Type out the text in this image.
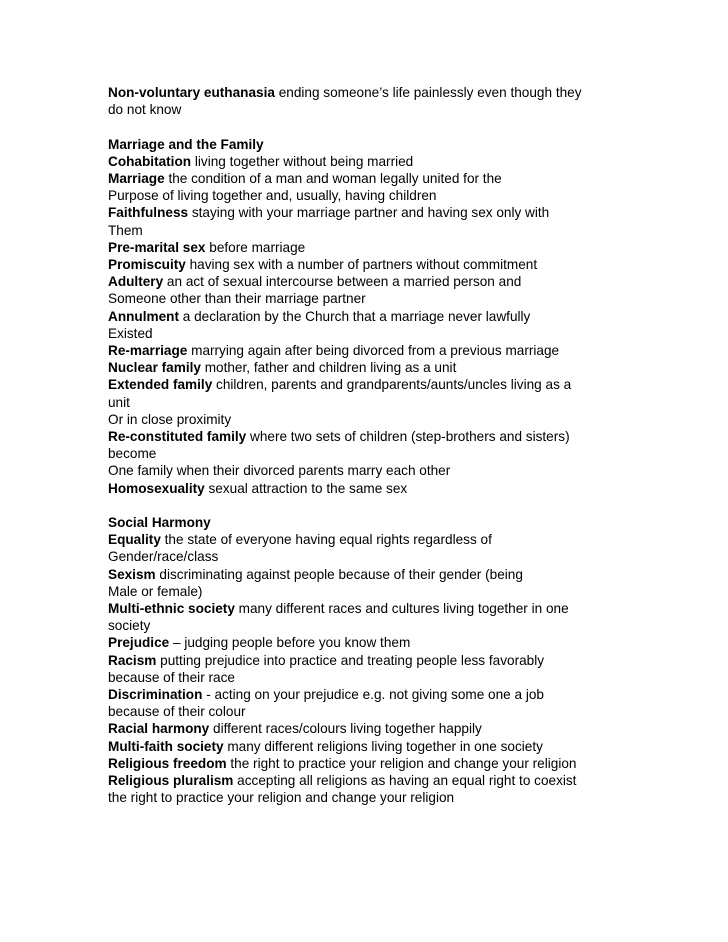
Non-voluntary euthanasia ending someone’s life painlessly even though they
do not know
Marriage and the Family
Cohabitation living together without being married
Marriage the condition of a man and woman legally united for the
Purpose of living together and, usually, having children
Faithfulness staying with your marriage partner and having sex only with
Them
Pre-marital sex before marriage
Promiscuity having sex with a number of partners without commitment
Adultery an act of sexual intercourse between a married person and
Someone other than their marriage partner
Annulment a declaration by the Church that a marriage never lawfully
Existed
Re-marriage marrying again after being divorced from a previous marriage
Nuclear family mother, father and children living as a unit
Extended family children, parents and grandparents/aunts/uncles living as a
unit
Or in close proximity
Re-constituted family where two sets of children (step-brothers and sisters)
become
One family when their divorced parents marry each other
Homosexuality sexual attraction to the same sex
Social Harmony
Equality the state of everyone having equal rights regardless of
Gender/race/class
Sexism discriminating against people because of their gender (being
Male or female)
Multi-ethnic society many different races and cultures living together in one
society
Prejudice – judging people before you know them
Racism putting prejudice into practice and treating people less favorably
because of their race
Discrimination - acting on your prejudice e.g. not giving some one a job
because of their colour
Racial harmony different races/colours living together happily
Multi-faith society many different religions living together in one society
Religious freedom the right to practice your religion and change your religion
Religious pluralism accepting all religions as having an equal right to coexist
the right to practice your religion and change your religion
